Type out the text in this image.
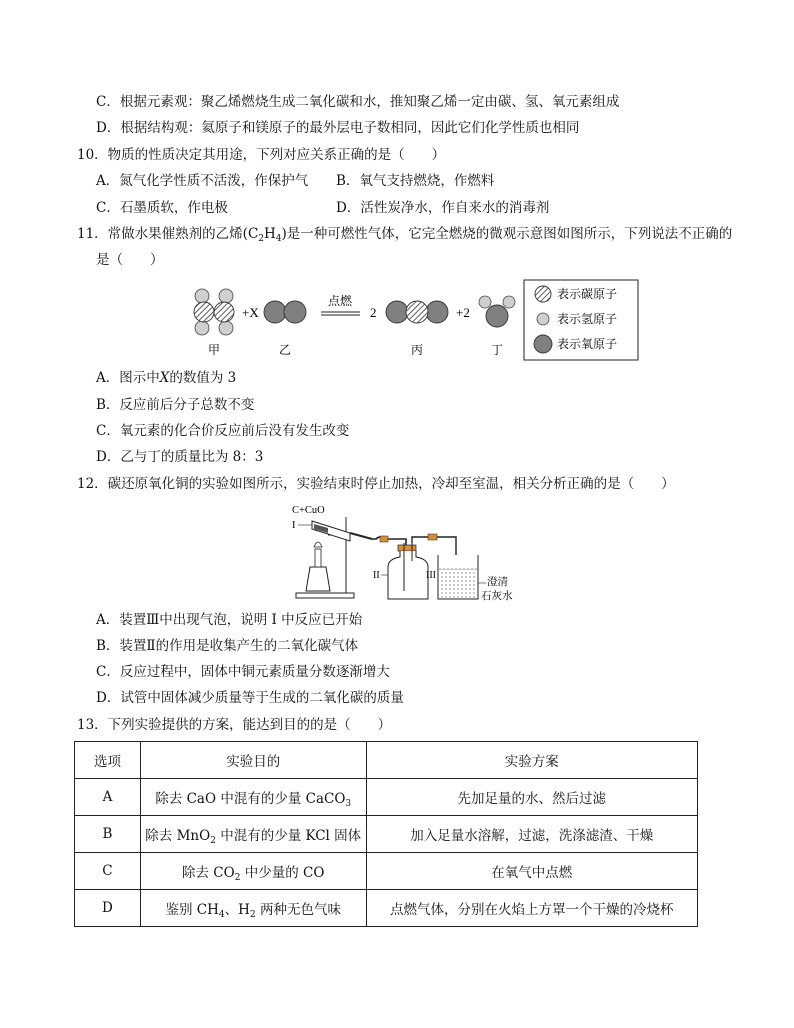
C．根据元素观：聚乙烯燃烧生成二氧化碳和水，推知聚乙烯一定由碳、氢、氧元素组成
D．根据结构观：氦原子和镁原子的最外层电子数相同，因此它们化学性质也相同
10．物质的性质决定其用途，下列对应关系正确的是（　　）
A．氮气化学性质不活泼，作保护气 B．氧气支持燃烧，作燃料
C．石墨质软，作电极	D．活性炭净水，作自来水的消毒剂
11．常做水果催熟剂的乙烯$(C_2H_4)$是一种可燃性气体，它完全燃烧的微观示意图如图所示，下列说法不正确的
是（　　）
+X
点燃
2	+2
甲	乙	丙	丁
表示碳原子
表示氢原子
表示氧原子
A．图示中X的数值为 3
B．反应前后分子总数不变
C．氧元素的化合价反应前后没有发生改变
D．乙与丁的质量比为 8：3
12．碳还原氧化铜的实验如图所示，实验结束时停止加热，冷却至室温，相关分析正确的是（　　）
C+CuO
I
II	III
澄清
石灰水
A．装置Ⅲ中出现气泡，说明 I 中反应已开始
B．装置Ⅱ的作用是收集产生的二氧化碳气体
C．反应过程中，固体中铜元素质量分数逐渐增大
D．试管中固体减少质量等于生成的二氧化碳的质量
13．下列实验提供的方案，能达到目的的是（　　）
选项	实验目的	实验方案
A	除去 CaO 中混有的少量 CaCO$_3$	先加足量的水、然后过滤
B	除去 MnO$_2$ 中混有的少量 KCl 固体	加入足量水溶解，过滤，洗涤滤渣、干燥
C	除去 $CO_2$ 中少量的 CO	在氧气中点燃
D	鉴别 $CH_4$、$H_2$ 两种无色气味	点燃气体，分别在火焰上方罩一个干燥的冷烧杯
